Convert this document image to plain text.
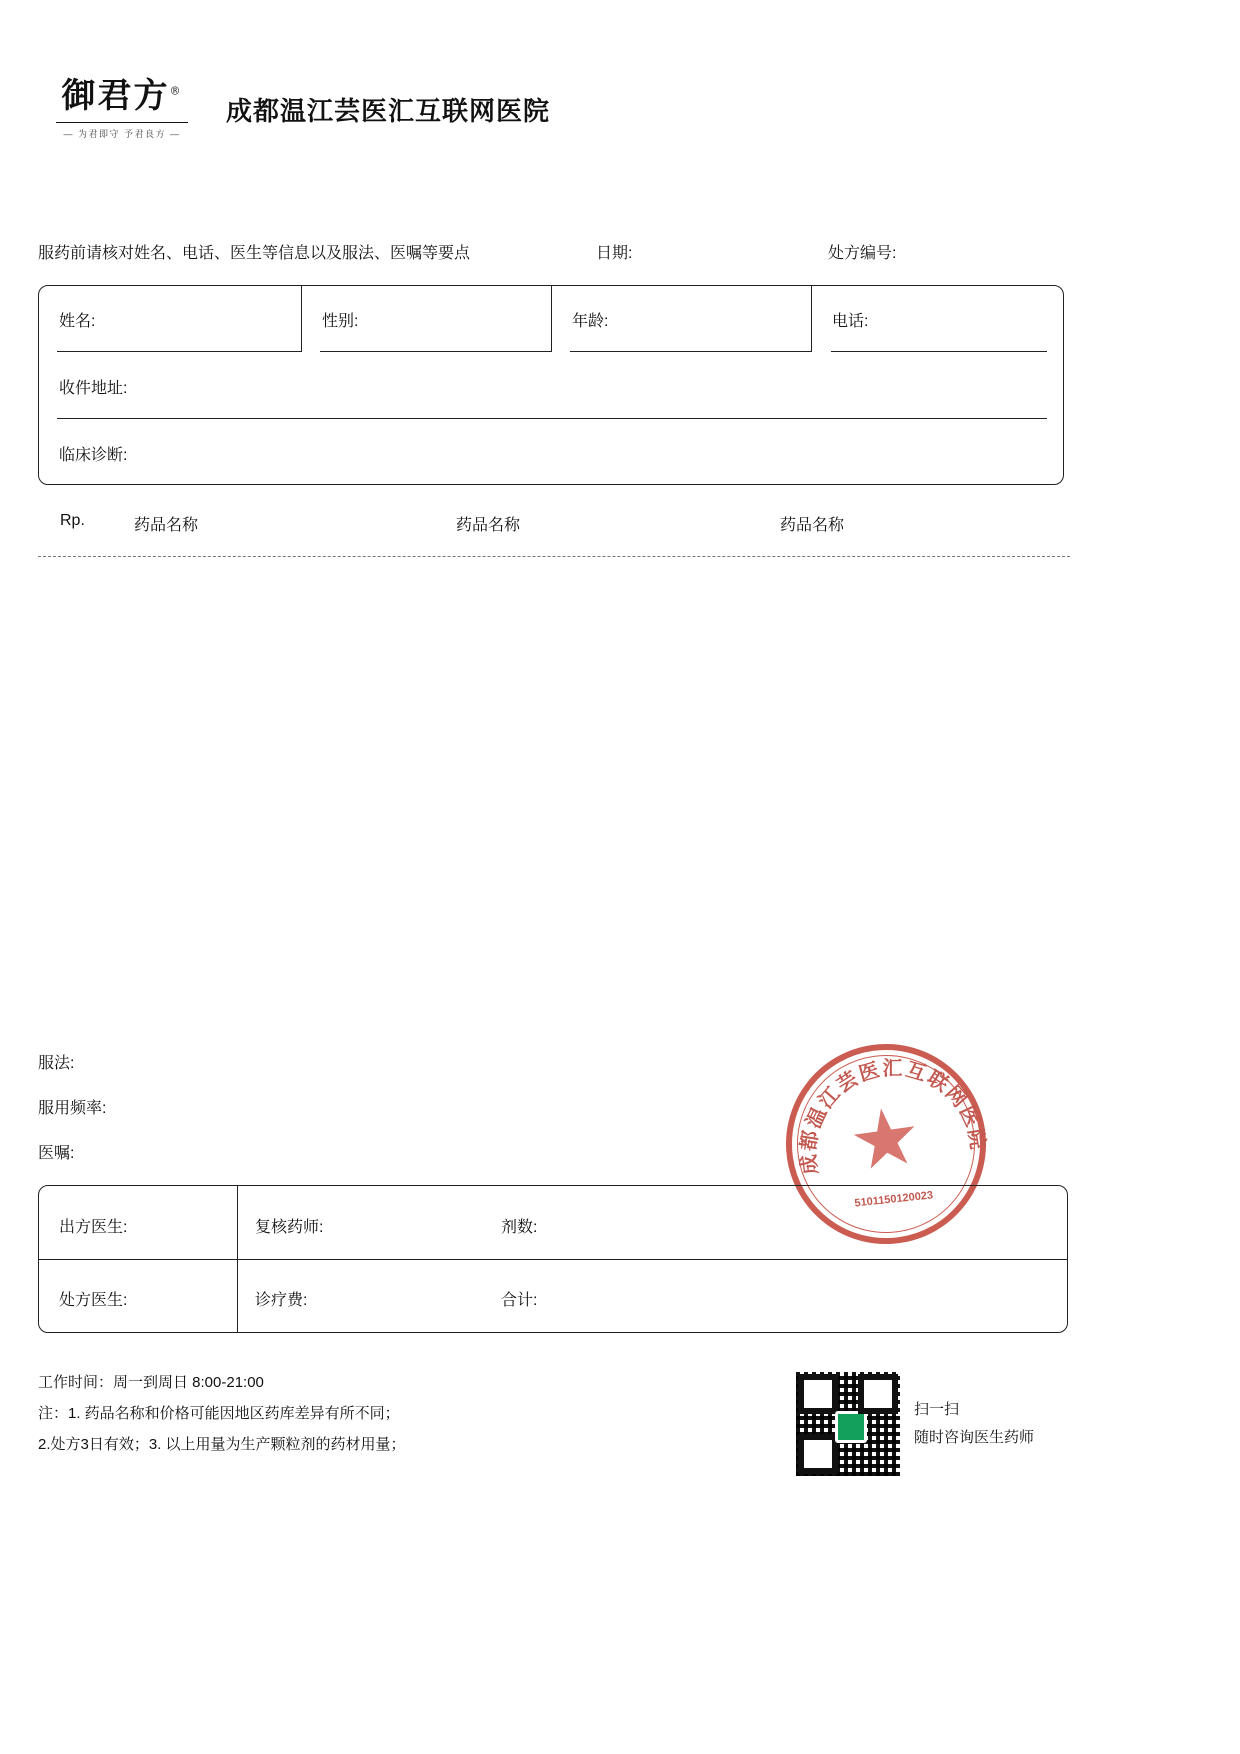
御君方®
— 为君即守 予君良方 —
成都温江芸医汇互联网医院
服药前请核对姓名、电话、医生等信息以及服法、医嘱等要点	日期:	处方编号:
姓名:	性别:	年龄:	电话:
收件地址:
临床诊断:
Rp.	药品名称	药品名称	药品名称
服法:
服用频率:
医嘱:	成都温江芸医汇互联网医院
5101150120023
出方医生:	复核药师:	剂数:
处方医生:	诊疗费:	合计:
工作时间：周一到周日 8:00-21:00
注：1. 药品名称和价格可能因地区药库差异有所不同；
2.处方3日有效；3. 以上用量为生产颗粒剂的药材用量；
扫一扫
随时咨询医生药师
